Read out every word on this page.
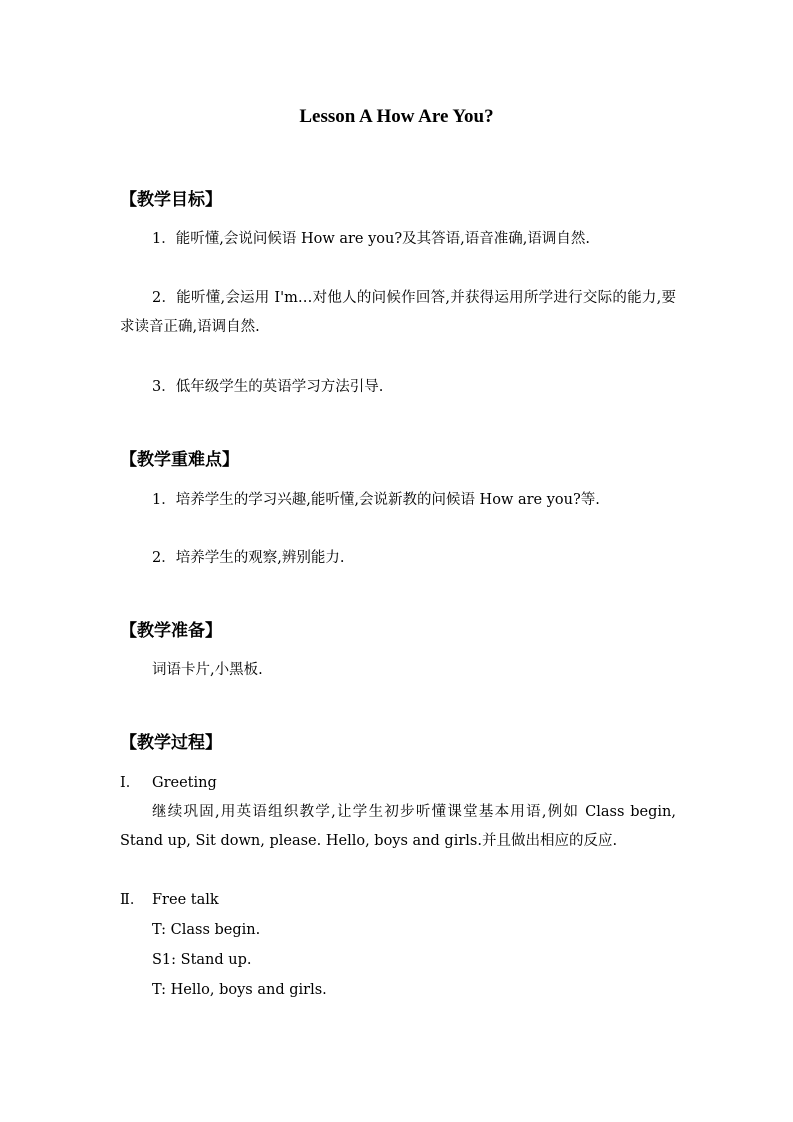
Lesson A How Are You?
【教学目标】
1．能听懂,会说问候语 How are you?及其答语,语音准确,语调自然.
2．能听懂,会运用 I'm…对他人的问候作回答,并获得运用所学进行交际的能力,要求读音正确,语调自然.
3．低年级学生的英语学习方法引导.
【教学重难点】
1．培养学生的学习兴趣,能听懂,会说新教的问候语 How are you?等.
2．培养学生的观察,辨别能力.
【教学准备】
词语卡片,小黑板.
【教学过程】
Ⅰ． Greeting
继续巩固,用英语组织教学,让学生初步听懂课堂基本用语,例如 Class begin, Stand up, Sit down, please. Hello, boys and girls.并且做出相应的反应.
Ⅱ． Free talk
T: Class begin.
S1: Stand up.
T: Hello, boys and girls.
